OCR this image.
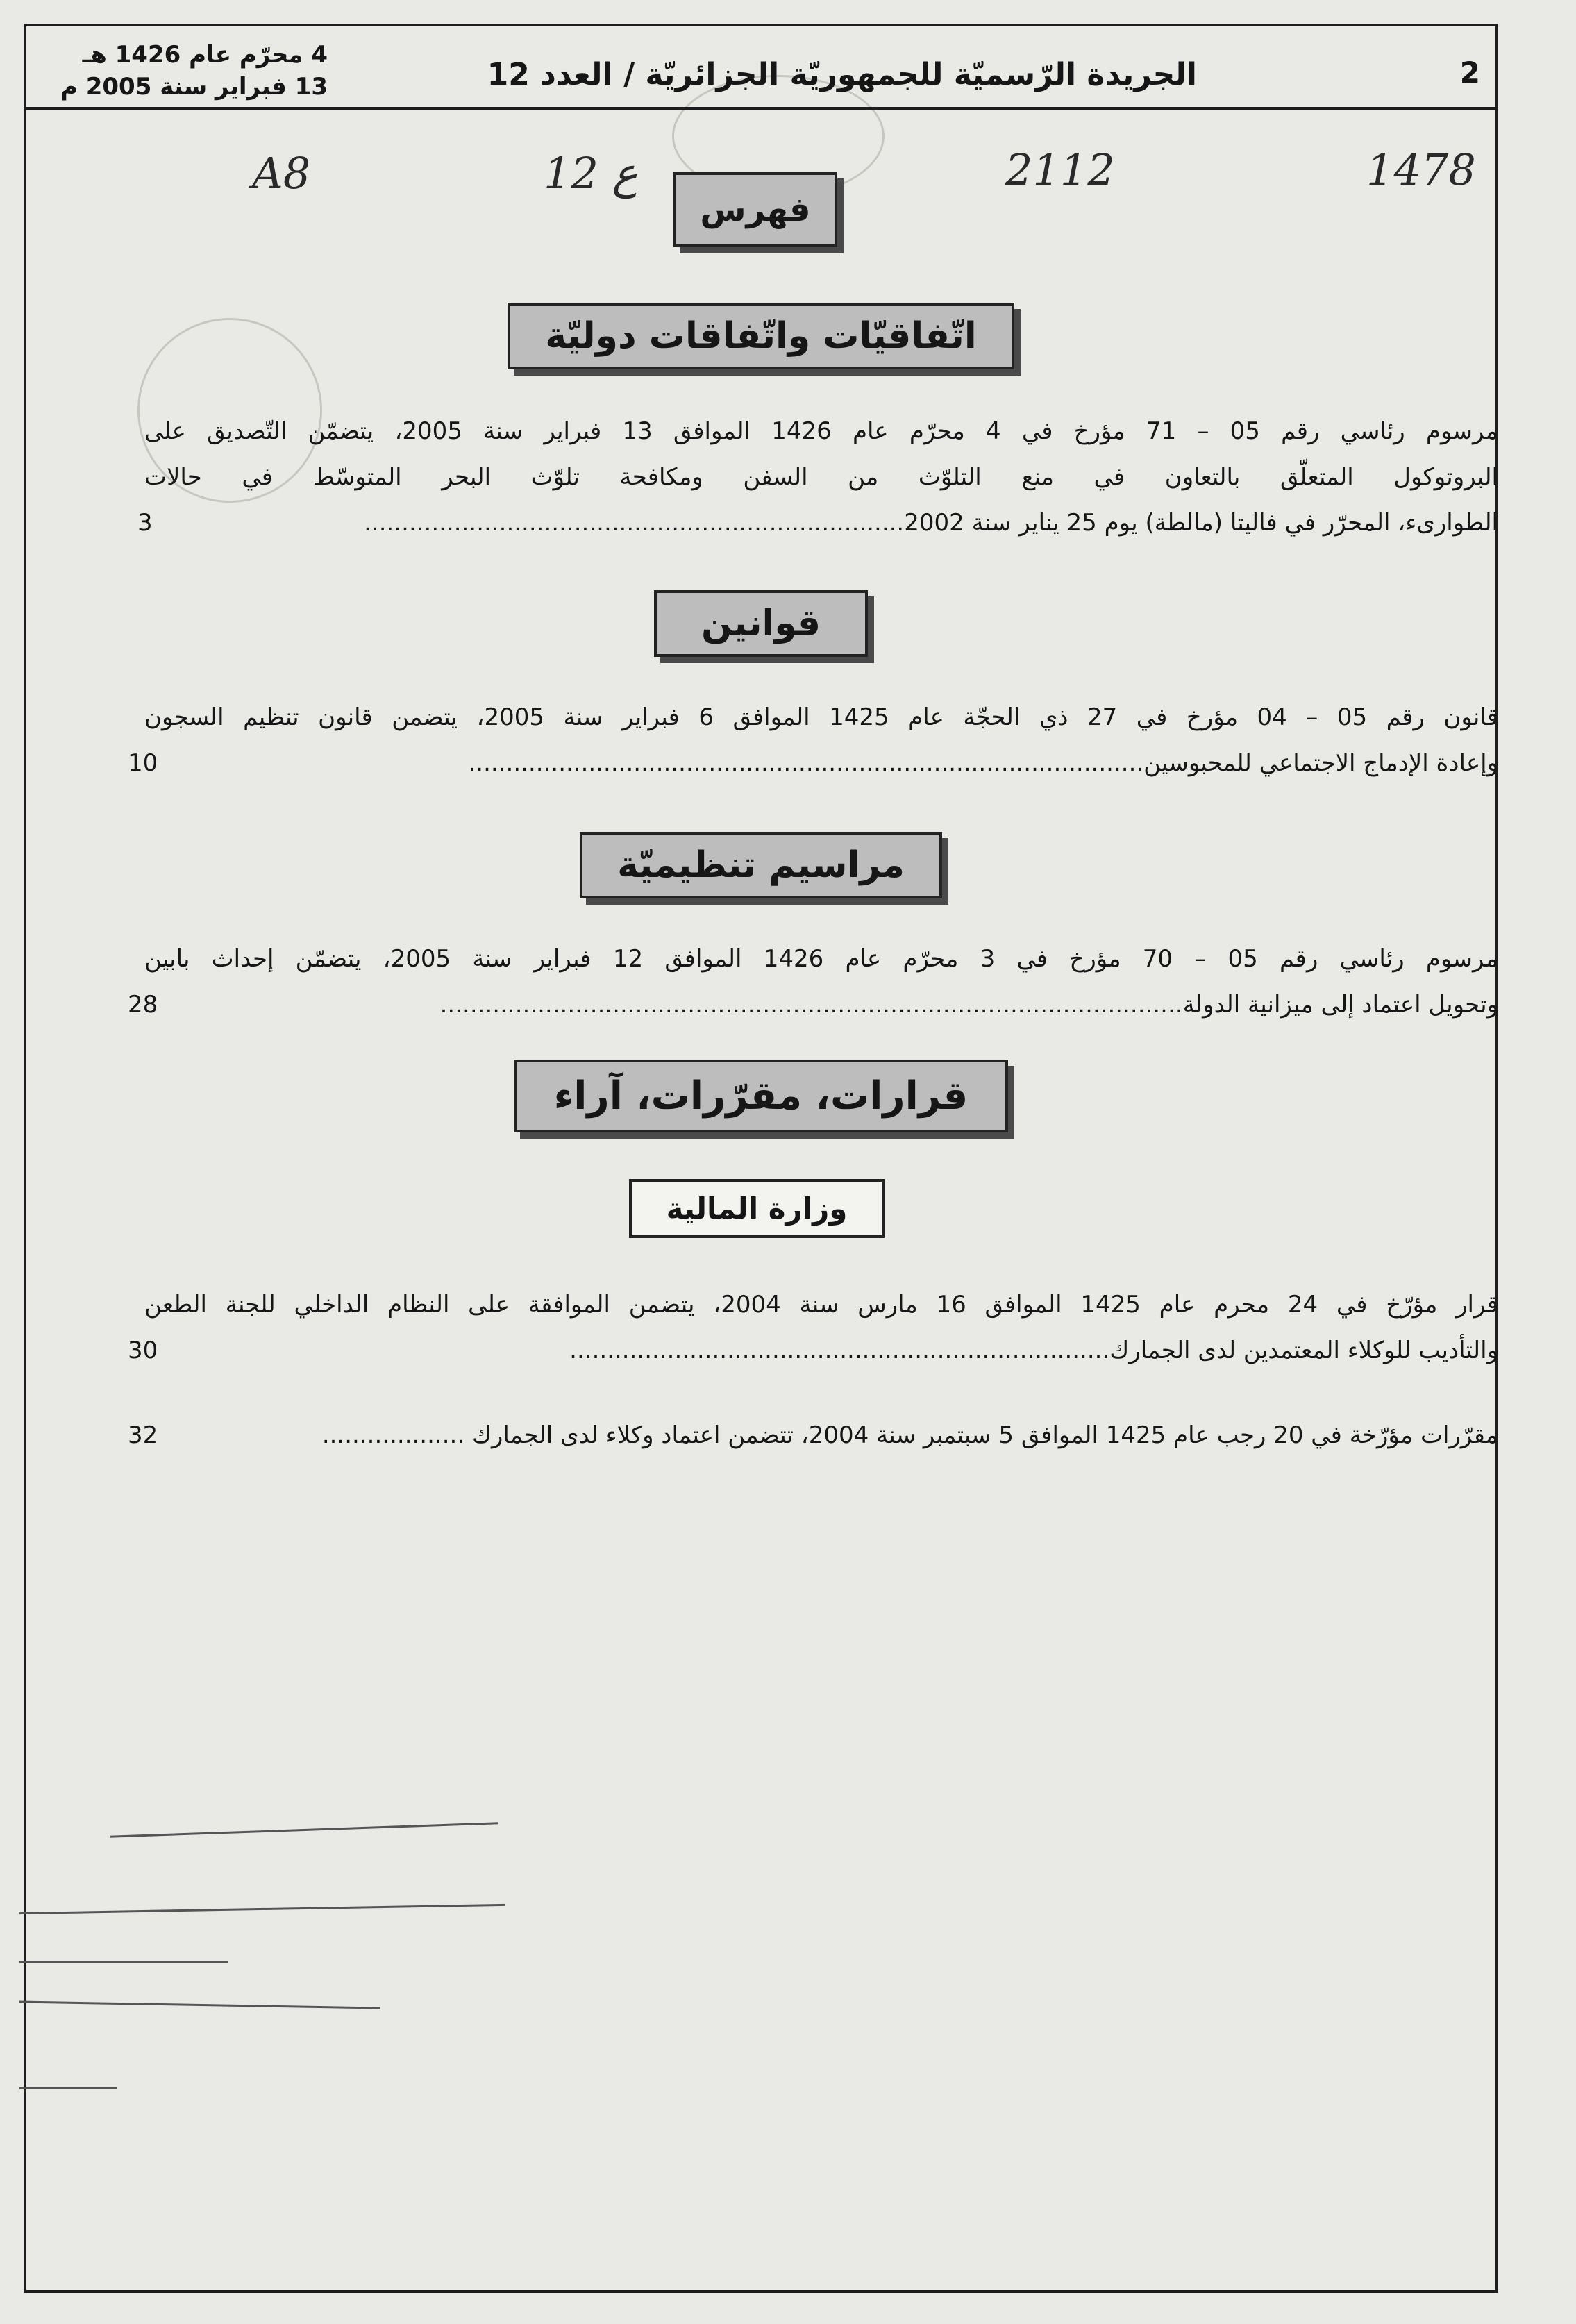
2
الجريدة الرّسميّة للجمهوريّة الجزائريّة / العدد 12
4 محرّم عام 1426 هـ
13 فبراير سنة 2005 م
1478
2112
12 ع
A8
فهرس
اتّفاقيّات واتّفاقات دوليّة

مرسوم رئاسي رقم 05 – 71 مؤرخ في 4 محرّم عام 1426 الموافق 13 فبراير سنة 2005، يتضمّن التّصديق على

البروتوكول المتعلّق بالتعاون في منع التلوّث من السفن ومكافحة تلوّث البحر المتوسّط في حالات

الطوارىء، المحرّر في فاليتا (مالطة) يوم 25 يناير سنة 2002........................................................................

3
قوانين

قانون رقم 05 – 04 مؤرخ في 27 ذي الحجّة عام 1425 الموافق 6 فبراير سنة 2005، يتضمن قانون تنظيم السجون

وإعادة الإدماج الاجتماعي للمحبوسين..........................................................................................

10
مراسيم تنظيميّة

مرسوم رئاسي رقم 05 – 70 مؤرخ في 3 محرّم عام 1426 الموافق 12 فبراير سنة 2005، يتضمّن إحداث بابين

وتحويل اعتماد إلى ميزانية الدولة...................................................................................................

28
قرارات، مقرّرات، آراء
وزارة المالية

قرار مؤرّخ في 24 محرم عام 1425 الموافق 16 مارس سنة 2004، يتضمن الموافقة على النظام الداخلي للجنة الطعن

والتأديب للوكلاء المعتمدين لدى الجمارك........................................................................

30

مقرّرات مؤرّخة في 20 رجب عام 1425 الموافق 5 سبتمبر سنة 2004، تتضمن اعتماد وكلاء لدى الجمارك ...................

32
